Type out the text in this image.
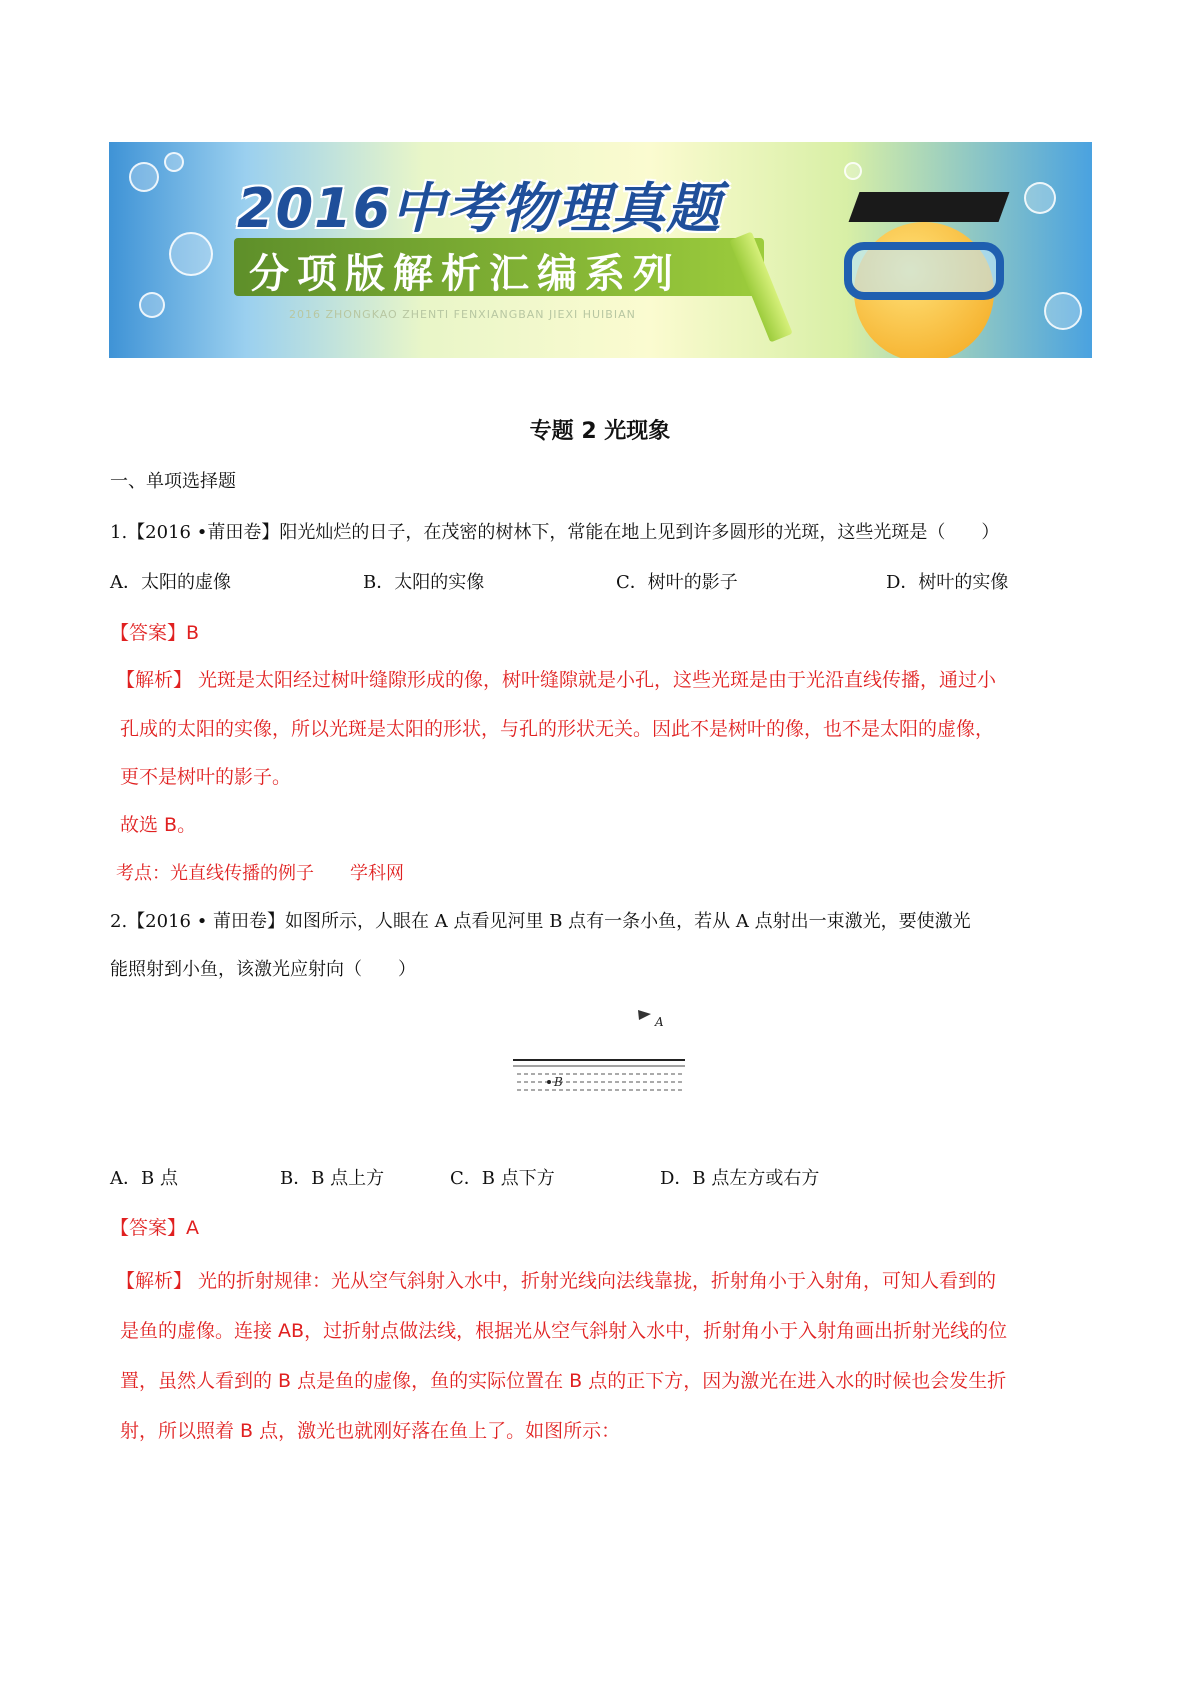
2016中考物理真题
分项版解析汇编系列
2016 ZHONGKAO ZHENTI FENXIANGBAN JIEXI HUIBIAN
专题 2 光现象
一、单项选择题
1.【2016 •莆田卷】阳光灿烂的日子，在茂密的树林下，常能在地上见到许多圆形的光斑，这些光斑是（　　）
A．太阳的虚像	B．太阳的实像	C．树叶的影子	D．树叶的实像
【答案】B
【解析】 光斑是太阳经过树叶缝隙形成的像，树叶缝隙就是小孔，这些光斑是由于光沿直线传播，通过小
孔成的太阳的实像，所以光斑是太阳的形状，与孔的形状无关。因此不是树叶的像，也不是太阳的虚像，
更不是树叶的影子。
故选 B。
考点：光直线传播的例子　　学科网
2.【2016 • 莆田卷】如图所示，人眼在 A 点看见河里 B 点有一条小鱼，若从 A 点射出一束激光，要使激光
能照射到小鱼，该激光应射向（　　）
A
B
A．B 点	B．B 点上方	C．B 点下方	D．B 点左方或右方
【答案】A
【解析】 光的折射规律：光从空气斜射入水中，折射光线向法线靠拢，折射角小于入射角，可知人看到的
是鱼的虚像。连接 AB，过折射点做法线，根据光从空气斜射入水中，折射角小于入射角画出折射光线的位
置，虽然人看到的 B 点是鱼的虚像，鱼的实际位置在 B 点的正下方，因为激光在进入水的时候也会发生折
射，所以照着 B 点，激光也就刚好落在鱼上了。如图所示：
